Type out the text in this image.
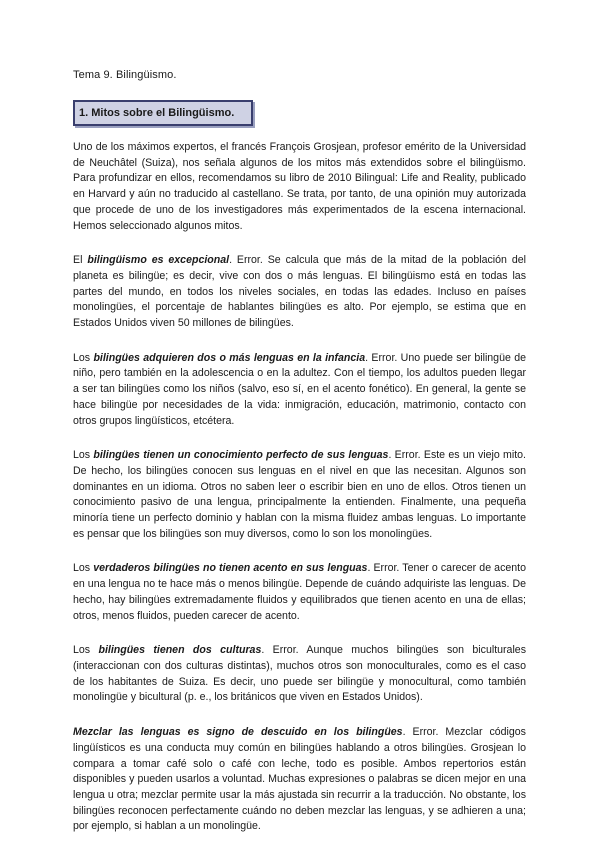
Tema 9. Bilingüismo.
1. Mitos sobre el Bilingüismo.

Uno de los máximos expertos, el francés François Grosjean, profesor emérito de la Universidad de Neuchâtel (Suiza), nos señala algunos de los mitos más extendidos sobre el bilingüismo. Para profundizar en ellos, recomendamos su libro de 2010 Bilingual: Life and Reality, publicado en Harvard y aún no traducido al castellano. Se trata, por tanto, de una opinión muy autorizada que procede de uno de los investigadores más experimentados de la escena internacional. Hemos seleccionado algunos mitos.

El bilingüismo es excepcional. Error. Se calcula que más de la mitad de la población del planeta es bilingüe; es decir, vive con dos o más lenguas. El bilingüismo está en todas las partes del mundo, en todos los niveles sociales, en todas las edades. Incluso en países monolingües, el porcentaje de hablantes bilingües es alto. Por ejemplo, se estima que en Estados Unidos viven 50 millones de bilingües.

Los bilingües adquieren dos o más lenguas en la infancia. Error. Uno puede ser bilingüe de niño, pero también en la adolescencia o en la adultez. Con el tiempo, los adultos pueden llegar a ser tan bilingües como los niños (salvo, eso sí, en el acento fonético). En general, la gente se hace bilingüe por necesidades de la vida: inmigración, educación, matrimonio, contacto con otros grupos lingüísticos, etcétera.

Los bilingües tienen un conocimiento perfecto de sus lenguas. Error. Este es un viejo mito. De hecho, los bilingües conocen sus lenguas en el nivel en que las necesitan. Algunos son dominantes en un idioma. Otros no saben leer o escribir bien en uno de ellos. Otros tienen un conocimiento pasivo de una lengua, principalmente la entienden. Finalmente, una pequeña minoría tiene un perfecto dominio y hablan con la misma fluidez ambas lenguas. Lo importante es pensar que los bilingües son muy diversos, como lo son los monolingües.

Los verdaderos bilingües no tienen acento en sus lenguas. Error. Tener o carecer de acento en una lengua no te hace más o menos bilingüe. Depende de cuándo adquiriste las lenguas. De hecho, hay bilingües extremadamente fluidos y equilibrados que tienen acento en una de ellas; otros, menos fluidos, pueden carecer de acento.

Los bilingües tienen dos culturas. Error. Aunque muchos bilingües son biculturales (interaccionan con dos culturas distintas), muchos otros son monoculturales, como es el caso de los habitantes de Suiza. Es decir, uno puede ser bilingüe y monocultural, como también monolingüe y bicultural (p. e., los británicos que viven en Estados Unidos).

Mezclar las lenguas es signo de descuido en los bilingües. Error. Mezclar códigos lingüísticos es una conducta muy común en bilingües hablando a otros bilingües. Grosjean lo compara a tomar café solo o café con leche, todo es posible. Ambos repertorios están disponibles y pueden usarlos a voluntad. Muchas expresiones o palabras se dicen mejor en una lengua u otra; mezclar permite usar la más ajustada sin recurrir a la traducción. No obstante, los bilingües reconocen perfectamente cuándo no deben mezclar las lenguas, y se adhieren a una; por ejemplo, si hablan a un monolingüe.
